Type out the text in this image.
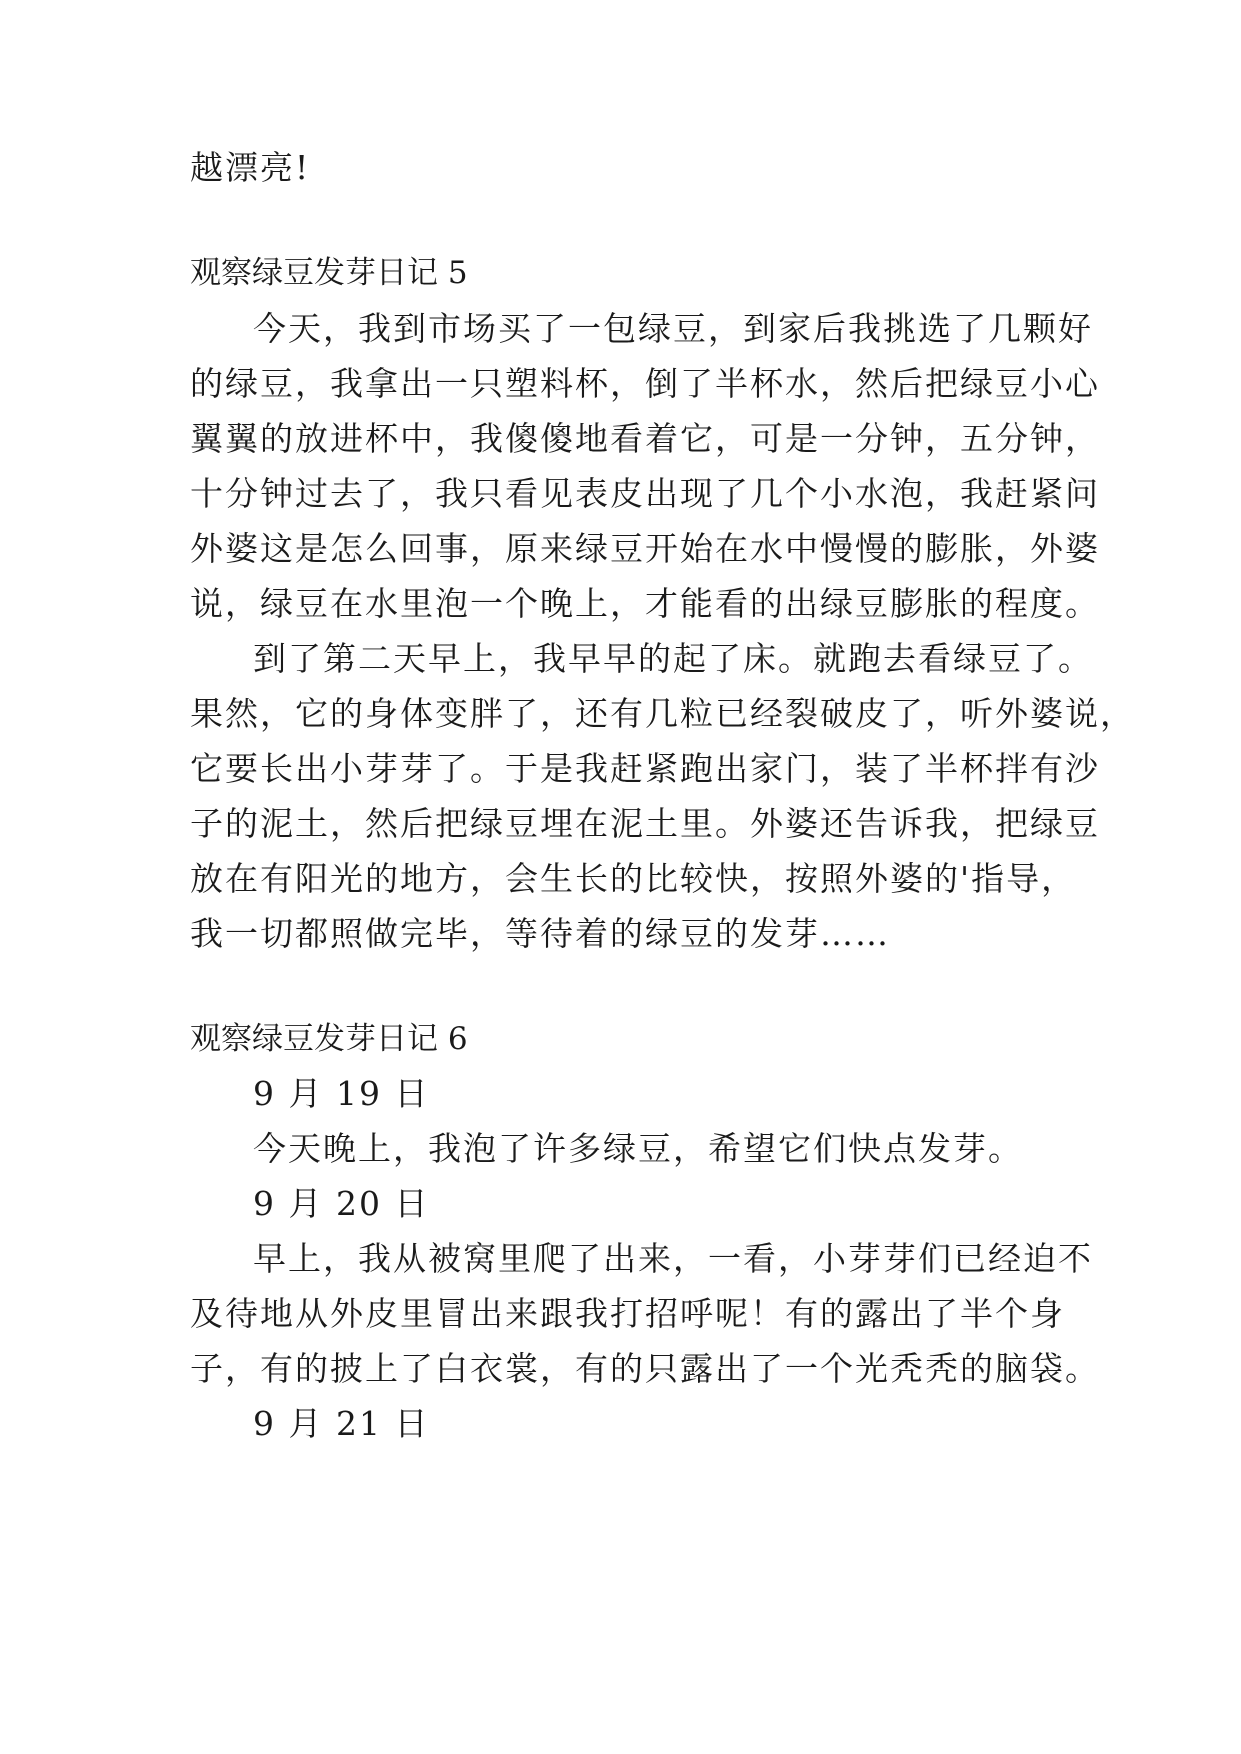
越漂亮!
观察绿豆发芽日记 5
今天，我到市场买了一包绿豆，到家后我挑选了几颗好
的绿豆，我拿出一只塑料杯，倒了半杯水，然后把绿豆小心
翼翼的放进杯中，我傻傻地看着它，可是一分钟，五分钟，
十分钟过去了，我只看见表皮出现了几个小水泡，我赶紧问
外婆这是怎么回事，原来绿豆开始在水中慢慢的膨胀，外婆
说，绿豆在水里泡一个晚上，才能看的出绿豆膨胀的程度。
到了第二天早上，我早早的起了床。就跑去看绿豆了。
果然，它的身体变胖了，还有几粒已经裂破皮了，听外婆说，
它要长出小芽芽了。于是我赶紧跑出家门，装了半杯拌有沙
子的泥土，然后把绿豆埋在泥土里。外婆还告诉我，把绿豆
放在有阳光的地方，会生长的比较快，按照外婆的'指导，
我一切都照做完毕，等待着的绿豆的发芽……
观察绿豆发芽日记 6
9 月 19 日
今天晚上，我泡了许多绿豆，希望它们快点发芽。
9 月 20 日
早上，我从被窝里爬了出来，一看，小芽芽们已经迫不
及待地从外皮里冒出来跟我打招呼呢！有的露出了半个身
子，有的披上了白衣裳，有的只露出了一个光秃秃的脑袋。
9 月 21 日
